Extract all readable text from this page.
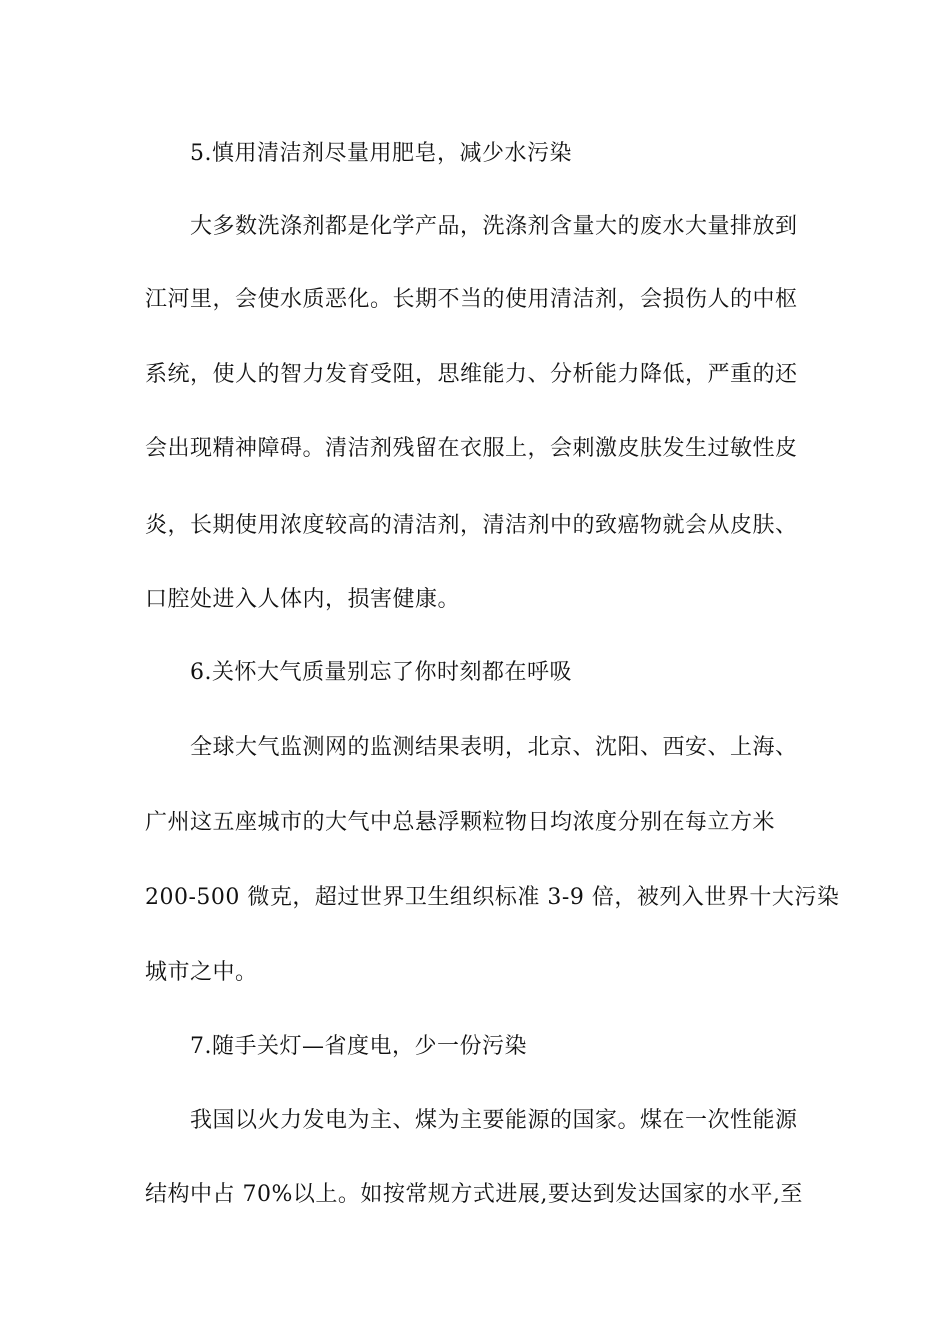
5.慎用清洁剂尽量用肥皂，减少水污染
大多数洗涤剂都是化学产品，洗涤剂含量大的废水大量排放到
江河里，会使水质恶化。长期不当的使用清洁剂，会损伤人的中枢
系统，使人的智力发育受阻，思维能力、分析能力降低，严重的还
会出现精神障碍。清洁剂残留在衣服上，会刺激皮肤发生过敏性皮
炎，长期使用浓度较高的清洁剂，清洁剂中的致癌物就会从皮肤、
口腔处进入人体内，损害健康。
6.关怀大气质量别忘了你时刻都在呼吸
全球大气监测网的监测结果表明，北京、沈阳、西安、上海、
广州这五座城市的大气中总悬浮颗粒物日均浓度分别在每立方米
200-500 微克，超过世界卫生组织标准 3-9 倍，被列入世界十大污染
城市之中。
7.随手关灯—省度电，少一份污染
我国以火力发电为主、煤为主要能源的国家。煤在一次性能源
结构中占 70%以上。如按常规方式进展,要达到发达国家的水平,至
